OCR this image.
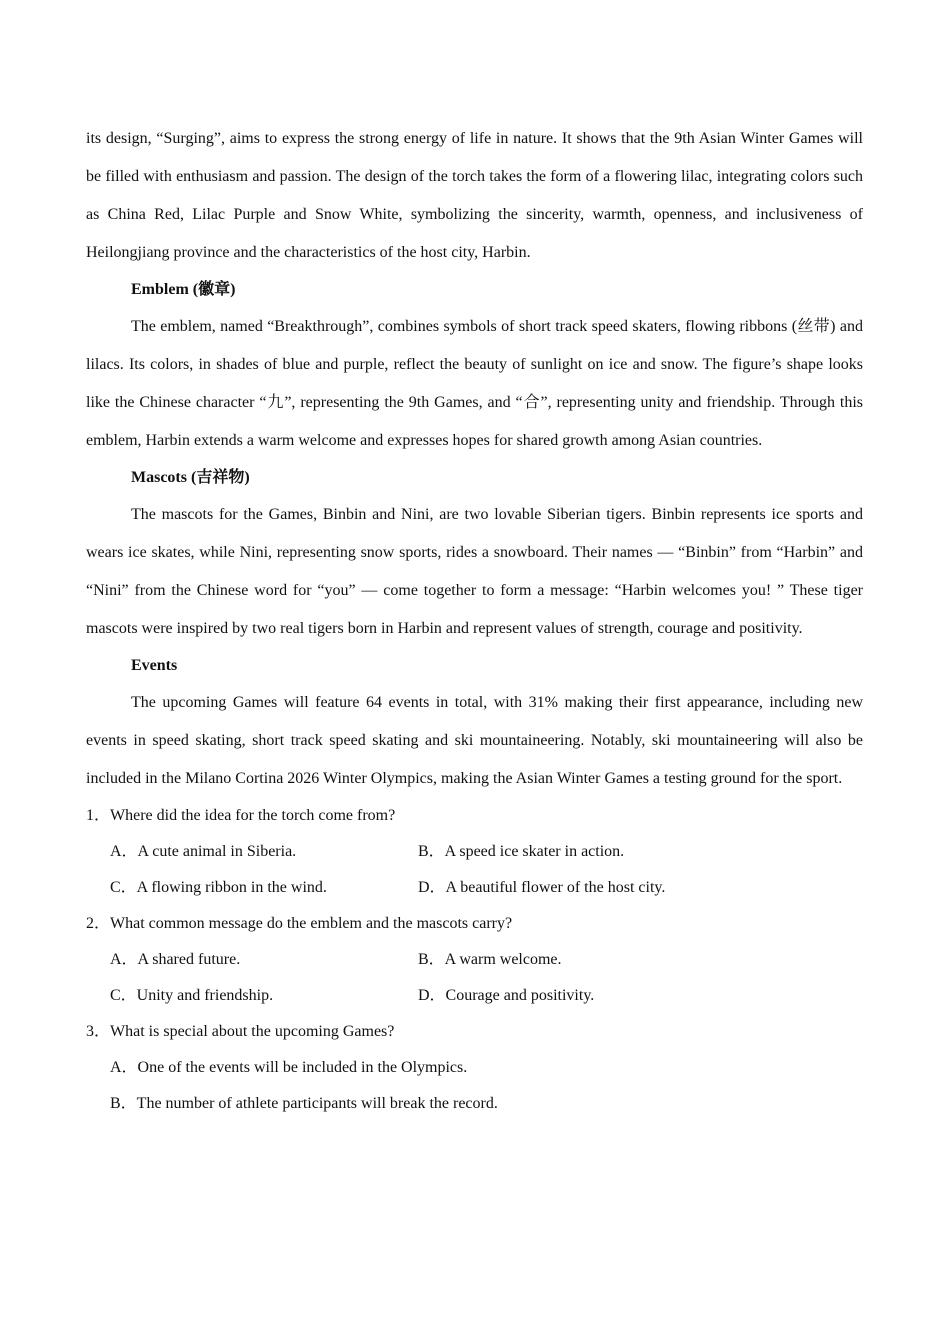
its design, “Surging”, aims to express the strong energy of life in nature. It shows that the 9th Asian Winter Games will be filled with enthusiasm and passion. The design of the torch takes the form of a flowering lilac, integrating colors such as China Red, Lilac Purple and Snow White, symbolizing the sincerity, warmth, openness, and inclusiveness of Heilongjiang province and the characteristics of the host city, Harbin.

Emblem (徽章)

The emblem, named “Breakthrough”, combines symbols of short track speed skaters, flowing ribbons (丝带) and lilacs. Its colors, in shades of blue and purple, reflect the beauty of sunlight on ice and snow. The figure’s shape looks like the Chinese character “九”, representing the 9th Games, and “合”, representing unity and friendship. Through this emblem, Harbin extends a warm welcome and expresses hopes for shared growth among Asian countries.

Mascots (吉祥物)

The mascots for the Games, Binbin and Nini, are two lovable Siberian tigers. Binbin represents ice sports and wears ice skates, while Nini, representing snow sports, rides a snowboard. Their names — “Binbin” from “Harbin” and “Nini” from the Chinese word for “you” — come together to form a message: “Harbin welcomes you! ” These tiger mascots were inspired by two real tigers born in Harbin and represent values of strength, courage and positivity.

Events

The upcoming Games will feature 64 events in total, with 31% making their first appearance, including new events in speed skating, short track speed skating and ski mountaineering. Notably, ski mountaineering will also be included in the Milano Cortina 2026 Winter Olympics, making the Asian Winter Games a testing ground for the sport.

1．Where did the idea for the torch come from?

A．A cute animal in Siberia.	B．A speed ice skater in action.
C．A flowing ribbon in the wind.	D．A beautiful flower of the host city.

2．What common message do the emblem and the mascots carry?

A．A shared future.	B．A warm welcome.
C．Unity and friendship.	D．Courage and positivity.

3．What is special about the upcoming Games?

A．One of the events will be included in the Olympics.
B．The number of athlete participants will break the record.
